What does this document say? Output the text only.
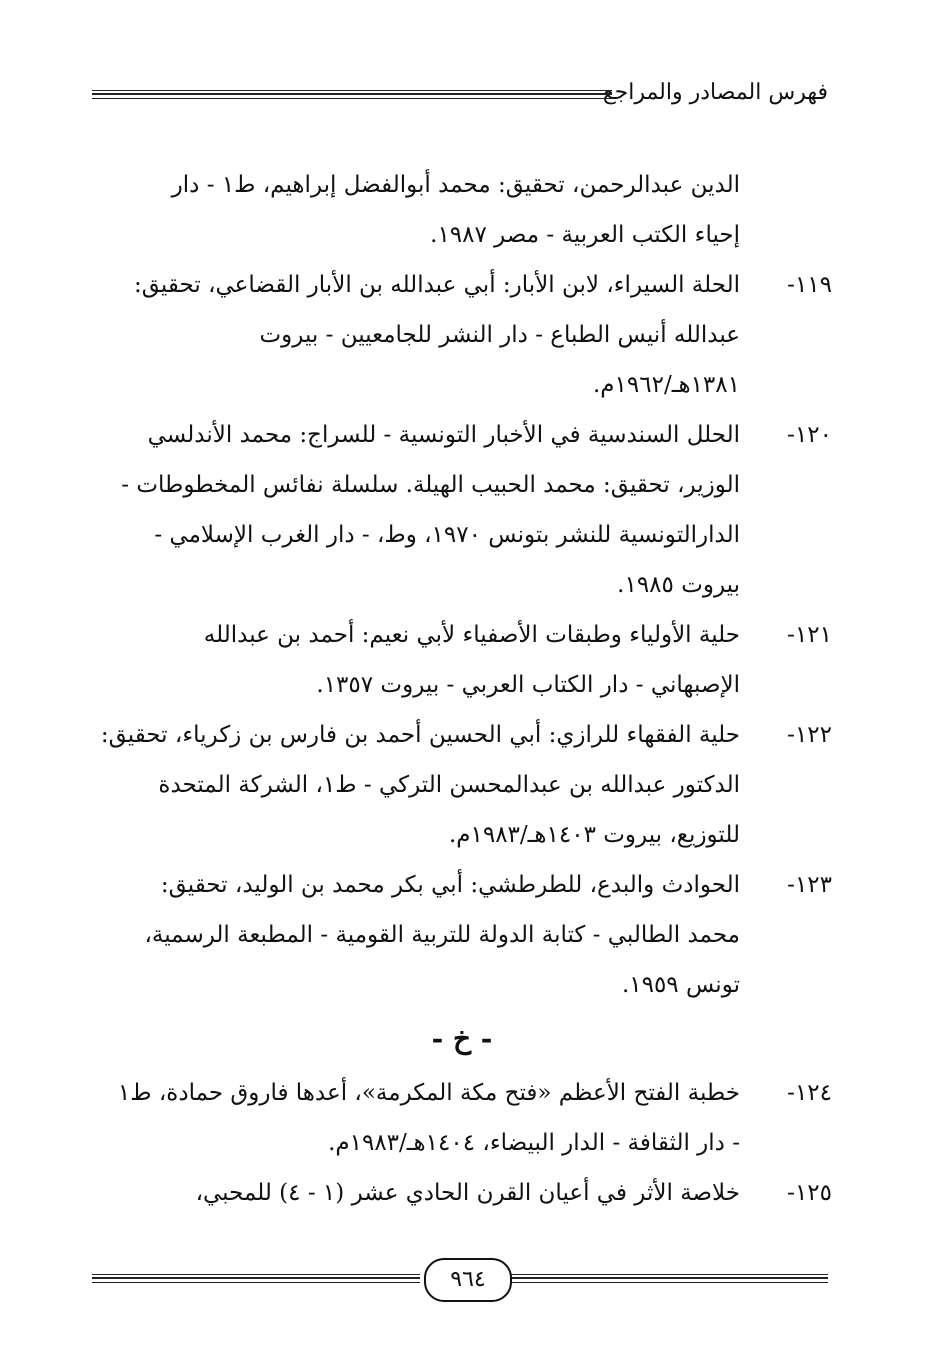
فهرس المصادر والمراجع
الدين عبدالرحمن، تحقيق: محمد أبوالفضل إبراهيم، ط١ - دار
إحياء الكتب العربية - مصر ١٩٨٧.
١١٩-
الحلة السيراء، لابن الأبار: أبي عبدالله بن الأبار القضاعي، تحقيق:
عبدالله أنيس الطباع - دار النشر للجامعيين - بيروت
١٣٨١هـ/١٩٦٢م.
١٢٠-
الحلل السندسية في الأخبار التونسية - للسراج: محمد الأندلسي
الوزير، تحقيق: محمد الحبيب الهيلة. سلسلة نفائس المخطوطات -
الدارالتونسية للنشر بتونس ١٩٧٠، وط، - دار الغرب الإسلامي -
بيروت ١٩٨٥.
١٢١-
حلية الأولياء وطبقات الأصفياء لأبي نعيم: أحمد بن عبدالله
الإصبهاني - دار الكتاب العربي - بيروت ١٣٥٧.
١٢٢-
حلية الفقهاء للرازي: أبي الحسين أحمد بن فارس بن زكرياء، تحقيق:
الدكتور عبدالله بن عبدالمحسن التركي - ط١، الشركة المتحدة
للتوزيع، بيروت ١٤٠٣هـ/١٩٨٣م.
١٢٣-
الحوادث والبدع، للطرطشي: أبي بكر محمد بن الوليد، تحقيق:
محمد الطالبي - كتابة الدولة للتربية القومية - المطبعة الرسمية،
تونس ١٩٥٩.
- خ -
١٢٤-
خطبة الفتح الأعظم «فتح مكة المكرمة»، أعدها فاروق حمادة، ط١
- دار الثقافة - الدار البيضاء، ١٤٠٤هـ/١٩٨٣م.
١٢٥-
خلاصة الأثر في أعيان القرن الحادي عشر (١ - ٤) للمحبي،
٩٦٤
